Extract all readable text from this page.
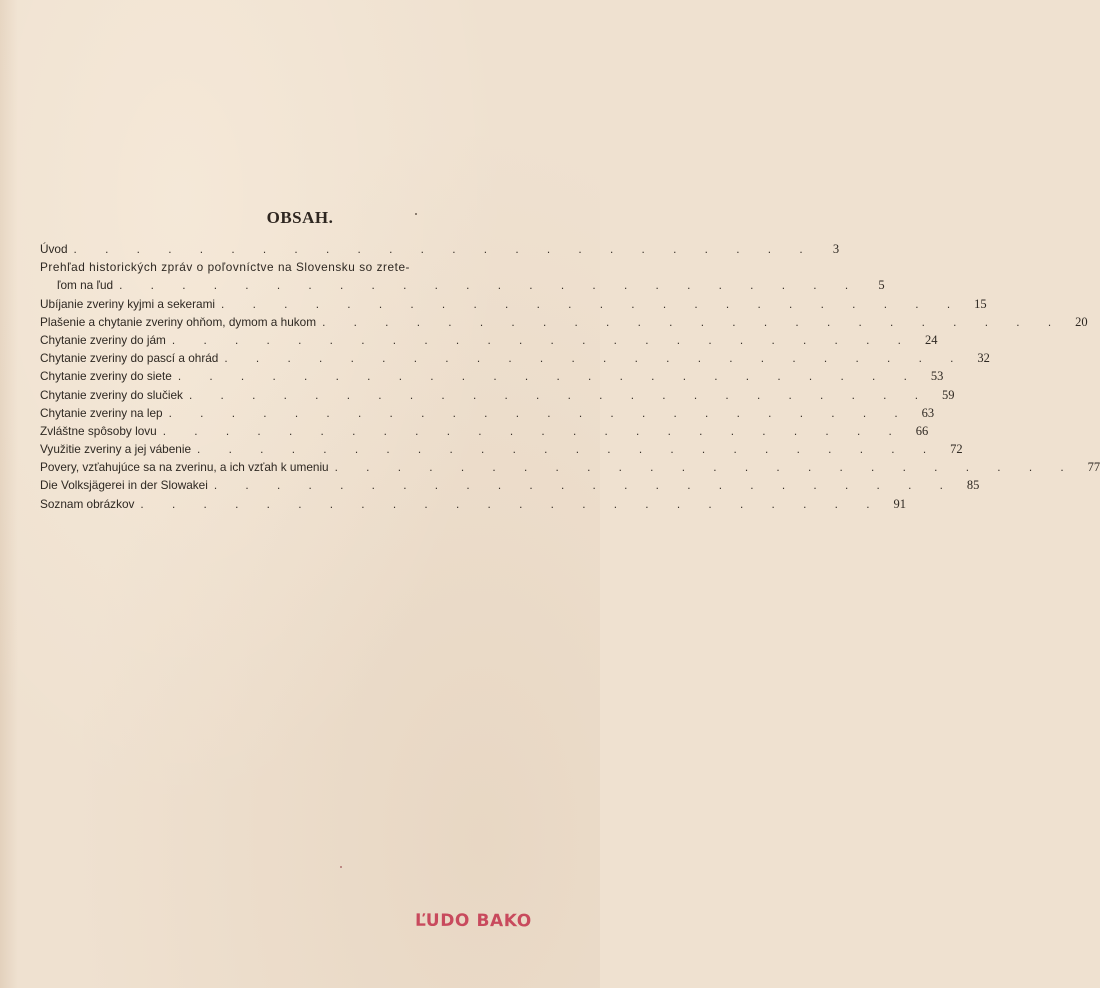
OBSAH.
Úvod . . . . . . . . . . . . . . . . . . . . . . . .	3
Prehľad historických zpráv o poľovníctve na Slovensku so zrete-
ľom na ľud . . . . . . . . . . . . . . . . . . . . . . . .	5
Ubíjanie zveriny kyjmi a sekerami . . . . . . . . . . . . . . . . . . . . . . . . 15
Plašenie a chytanie zveriny ohňom, dymom a hukom . . . . . . . . . . . . . . . . . . . . . . . . 20
Chytanie zveriny do jám . . . . . . . . . . . . . . . . . . . . . . . . 24
Chytanie zveriny do pascí a ohrád . . . . . . . . . . . . . . . . . . . . . . . . 32
Chytanie zveriny do siete . . . . . . . . . . . . . . . . . . . . . . . . 53
Chytanie zveriny do slučiek . . . . . . . . . . . . . . . . . . . . . . . . 59
Chytanie zveriny na lep . . . . . . . . . . . . . . . . . . . . . . . . 63
Zvláštne spôsoby lovu . . . . . . . . . . . . . . . . . . . . . . . . 66
Využitie zveriny a jej vábenie . . . . . . . . . . . . . . . . . . . . . . . . 72
Povery, vzťahujúce sa na zverinu, a ich vzťah k umeniu . . . . . . . . . . . . . . . . . . . . . . . . 77
Die Volksjägerei in der Slowakei . . . . . . . . . . . . . . . . . . . . . . . . 85
Soznam obrázkov . . . . . . . . . . . . . . . . . . . . . . . . 91
ĽUDO BAKO
